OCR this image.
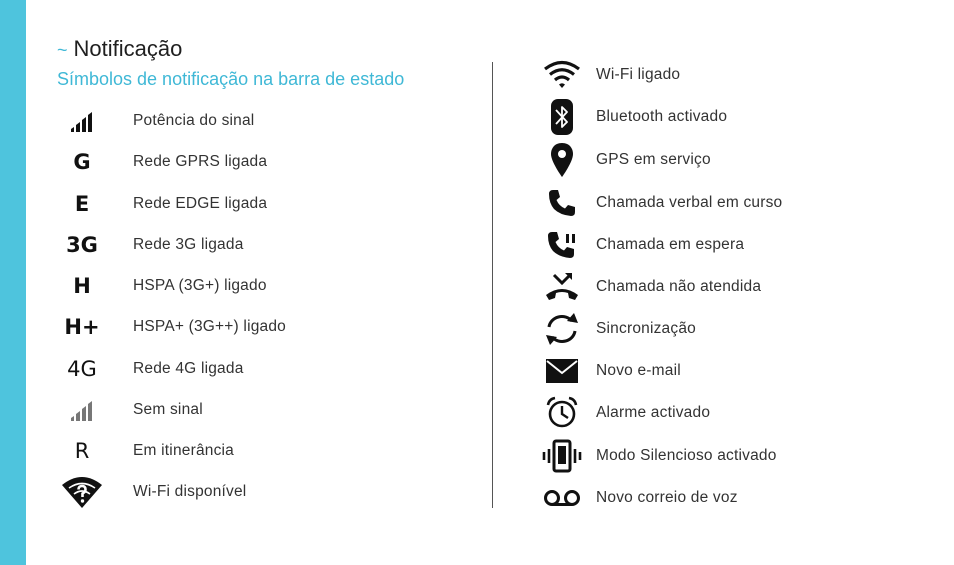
~ Notificação
Símbolos de notificação na barra de estado
Potência do sinal
G	Rede GPRS ligada
E	Rede EDGE ligada
3G Rede 3G ligada
H	HSPA (3G+) ligado
H+ HSPA+ (3G++) ligado
4G Rede 4G ligada
Sem sinal
R	Em itinerância
Wi-Fi disponível
Wi-Fi ligado
Bluetooth activado
GPS em serviço
Chamada verbal em curso
Chamada em espera
Chamada não atendida
Sincronização
Novo e-mail
Alarme activado
Modo Silencioso activado
Novo correio de voz
